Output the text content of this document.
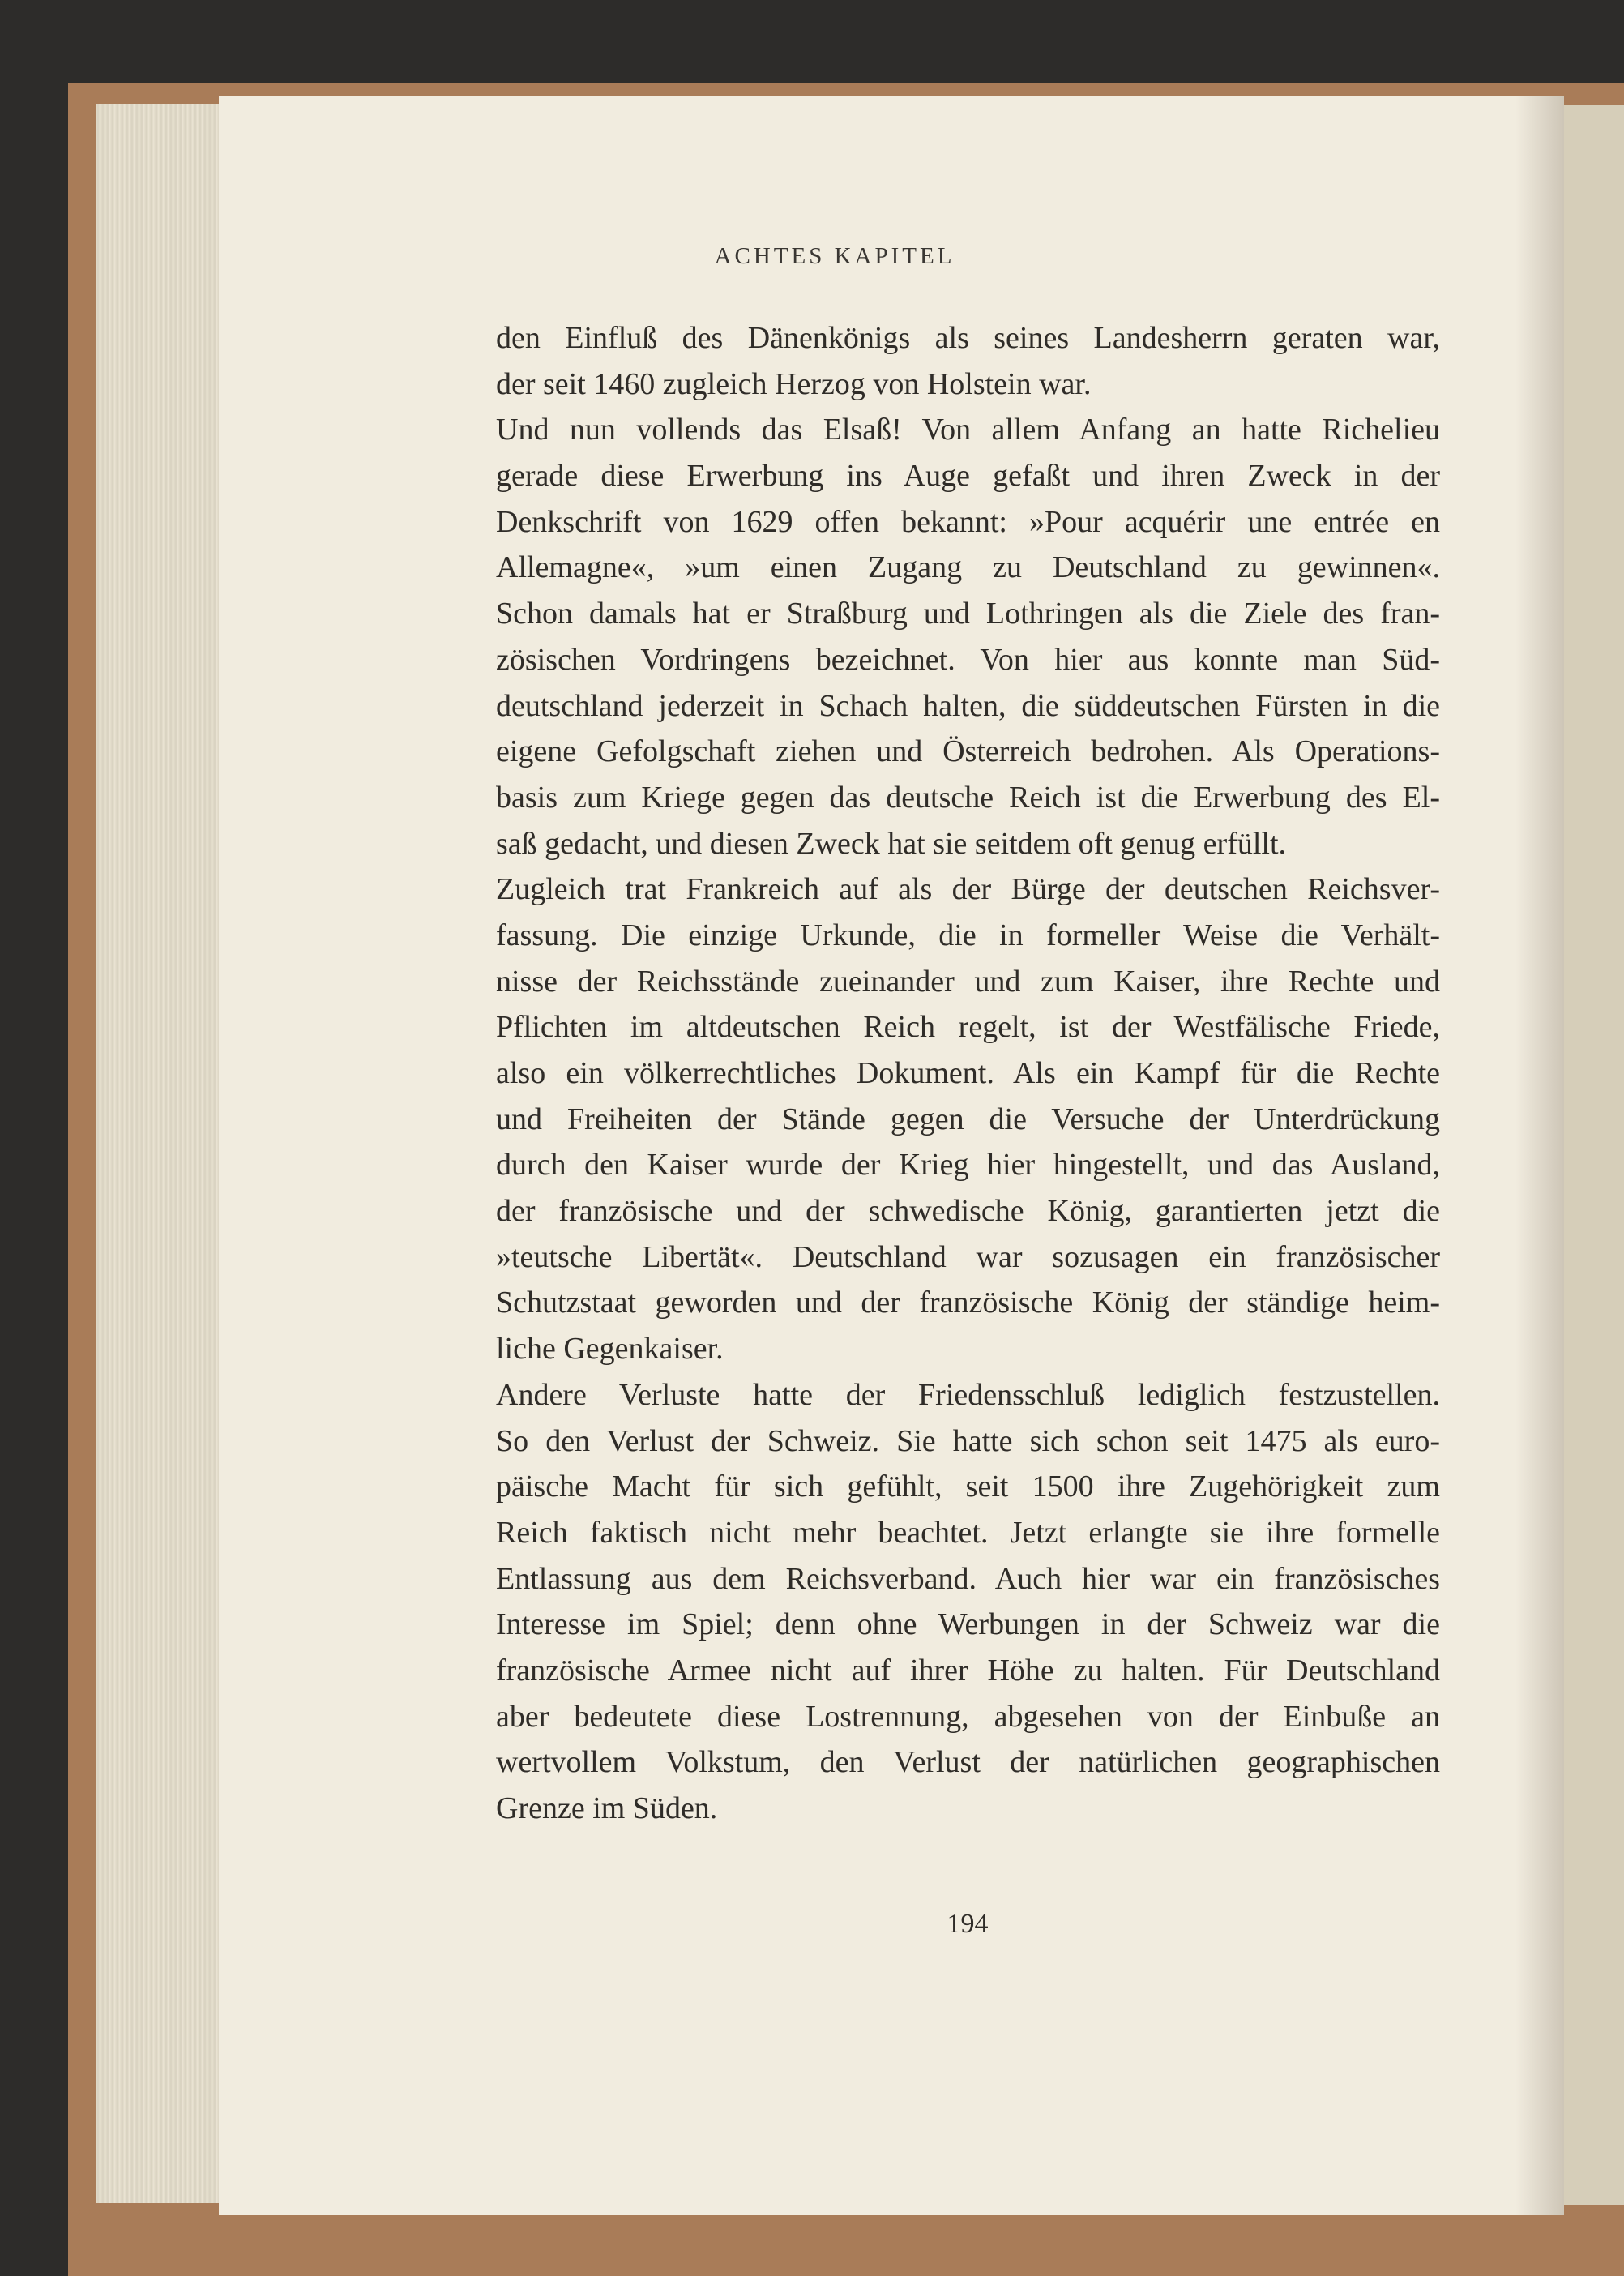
ACHTES KAPITEL
den Einfluß des Dänenkönigs als seines Landesherrn geraten war,
der seit 1460 zugleich Herzog von Holstein war.
Und nun vollends das Elsaß! Von allem Anfang an hatte Richelieu
gerade diese Erwerbung ins Auge gefaßt und ihren Zweck in der
Denkschrift von 1629 offen bekannt: »Pour acquérir une entrée en
Allemagne«, »um einen Zugang zu Deutschland zu gewinnen«.
Schon damals hat er Straßburg und Lothringen als die Ziele des fran-
zösischen Vordringens bezeichnet. Von hier aus konnte man Süd-
deutschland jederzeit in Schach halten, die süddeutschen Fürsten in die
eigene Gefolgschaft ziehen und Österreich bedrohen. Als Operations-
basis zum Kriege gegen das deutsche Reich ist die Erwerbung des El-
saß gedacht, und diesen Zweck hat sie seitdem oft genug erfüllt.
Zugleich trat Frankreich auf als der Bürge der deutschen Reichsver-
fassung. Die einzige Urkunde, die in formeller Weise die Verhält-
nisse der Reichsstände zueinander und zum Kaiser, ihre Rechte und
Pflichten im altdeutschen Reich regelt, ist der Westfälische Friede,
also ein völkerrechtliches Dokument. Als ein Kampf für die Rechte
und Freiheiten der Stände gegen die Versuche der Unterdrückung
durch den Kaiser wurde der Krieg hier hingestellt, und das Ausland,
der französische und der schwedische König, garantierten jetzt die
»teutsche Libertät«. Deutschland war sozusagen ein französischer
Schutzstaat geworden und der französische König der ständige heim-
liche Gegenkaiser.
Andere Verluste hatte der Friedensschluß lediglich festzustellen.
So den Verlust der Schweiz. Sie hatte sich schon seit 1475 als euro-
päische Macht für sich gefühlt, seit 1500 ihre Zugehörigkeit zum
Reich faktisch nicht mehr beachtet. Jetzt erlangte sie ihre formelle
Entlassung aus dem Reichsverband. Auch hier war ein französisches
Interesse im Spiel; denn ohne Werbungen in der Schweiz war die
französische Armee nicht auf ihrer Höhe zu halten. Für Deutschland
aber bedeutete diese Lostrennung, abgesehen von der Einbuße an
wertvollem Volkstum, den Verlust der natürlichen geographischen
Grenze im Süden.
194
